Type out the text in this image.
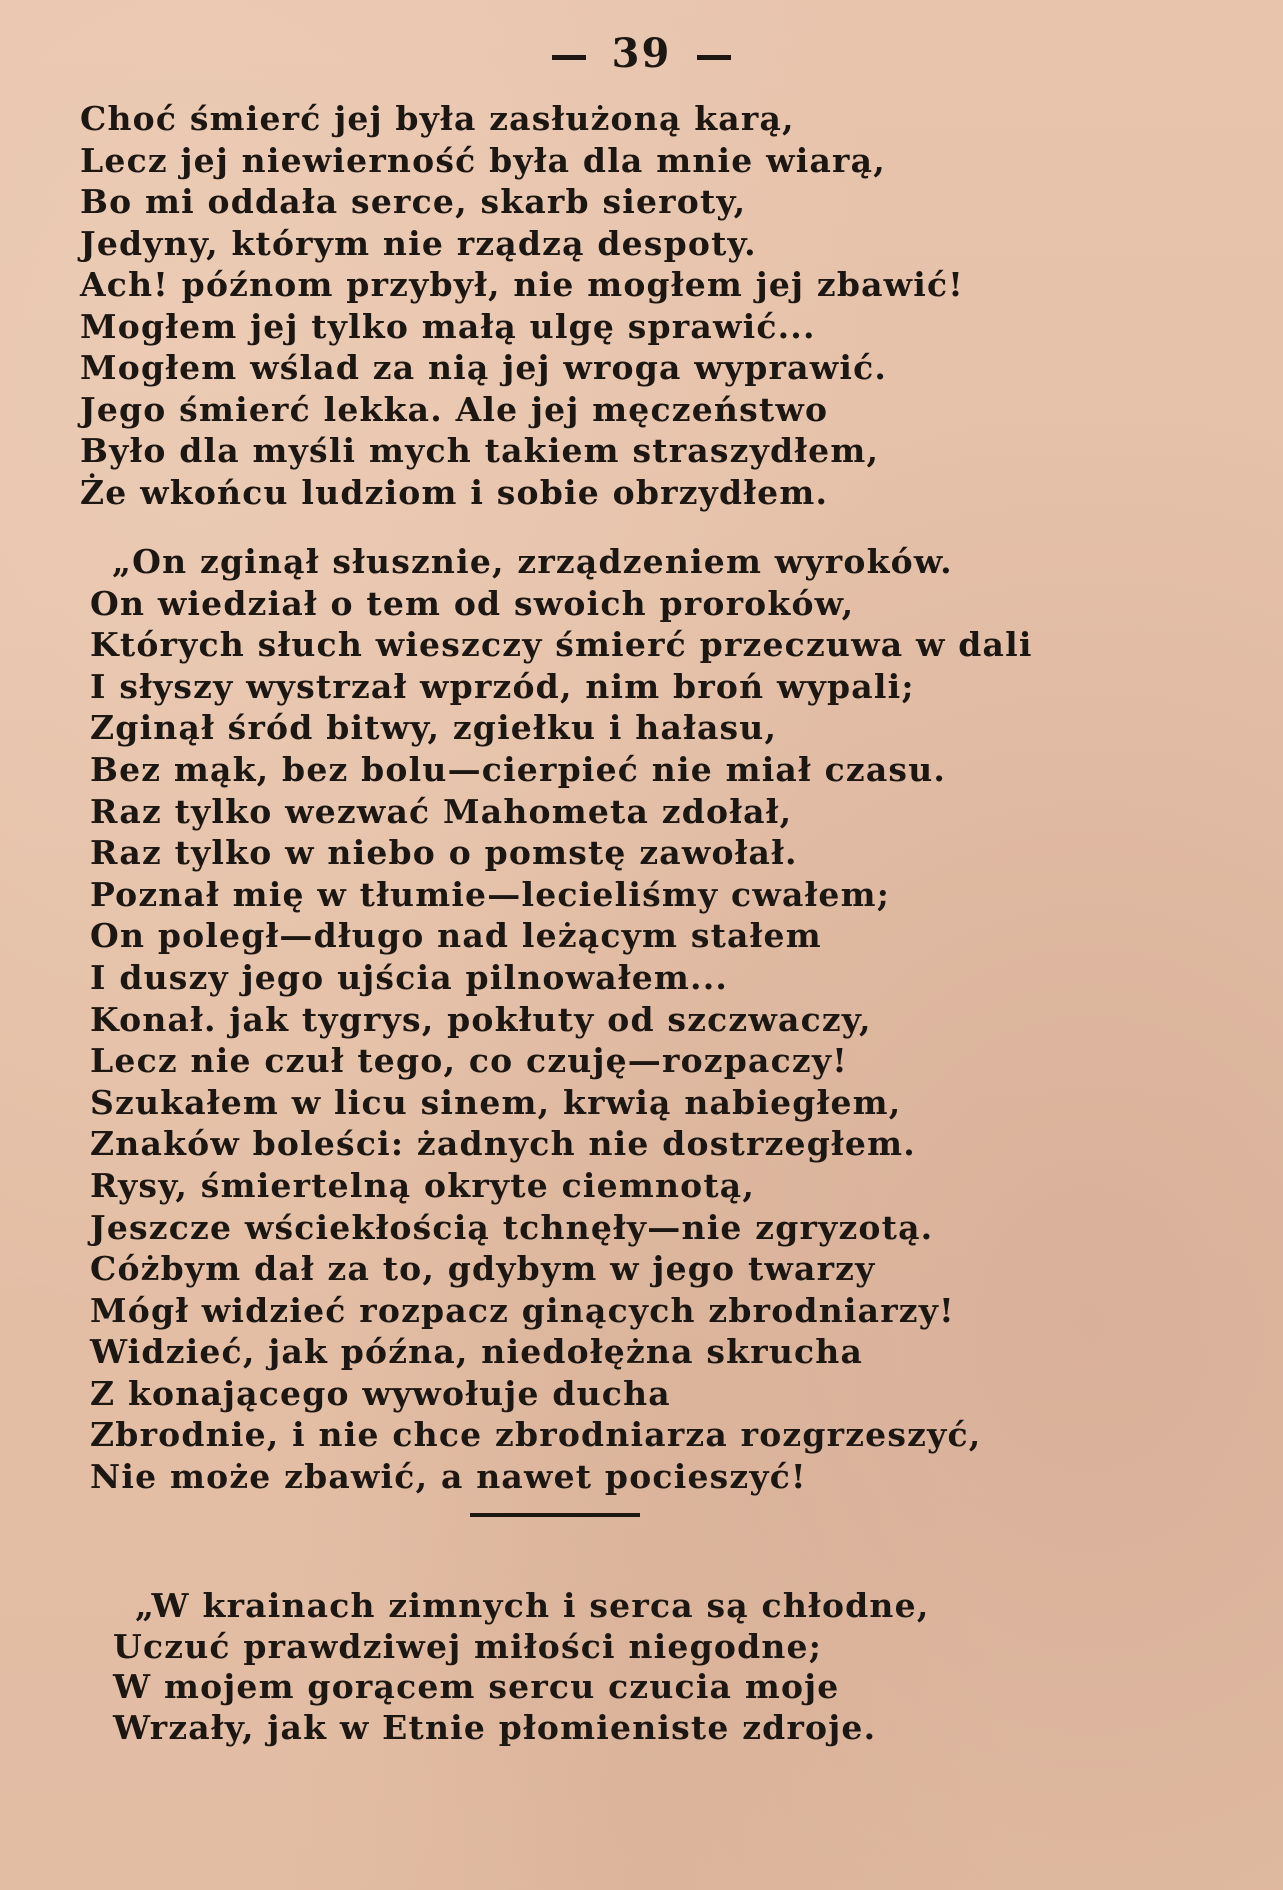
39
Choć śmierć jej była zasłużoną karą,
Lecz jej niewierność była dla mnie wiarą,
Bo mi oddała serce, skarb sieroty,
Jedyny, którym nie rządzą despoty.
Ach! późnom przybył, nie mogłem jej zbawić!
Mogłem jej tylko małą ulgę sprawić...
Mogłem wślad za nią jej wroga wyprawić.
Jego śmierć lekka. Ale jej męczeństwo
Było dla myśli mych takiem straszydłem,
Że wkońcu ludziom i sobie obrzydłem.
„On zginął słusznie, zrządzeniem wyroków.
On wiedział o tem od swoich proroków,
Których słuch wieszczy śmierć przeczuwa w dali
I słyszy wystrzał wprzód, nim broń wypali;
Zginął śród bitwy, zgiełku i hałasu,
Bez mąk, bez bolu—cierpieć nie miał czasu.
Raz tylko wezwać Mahometa zdołał,
Raz tylko w niebo o pomstę zawołał.
Poznał mię w tłumie—lecieliśmy cwałem;
On poległ—długo nad leżącym stałem
I duszy jego ujścia pilnowałem...
Konał. jak tygrys, pokłuty od szczwaczy,
Lecz nie czuł tego, co czuję—rozpaczy!
Szukałem w licu sinem, krwią nabiegłem,
Znaków boleści: żadnych nie dostrzegłem.
Rysy, śmiertelną okryte ciemnotą,
Jeszcze wściekłością tchnęły—nie zgryzotą.
Cóżbym dał za to, gdybym w jego twarzy
Mógł widzieć rozpacz ginących zbrodniarzy!
Widzieć, jak późna, niedołężna skrucha
Z konającego wywołuje ducha
Zbrodnie, i nie chce zbrodniarza rozgrzeszyć,
Nie może zbawić, a nawet pocieszyć!
„W krainach zimnych i serca są chłodne,
Uczuć prawdziwej miłości niegodne;
W mojem gorącem sercu czucia moje
Wrzały, jak w Etnie płomieniste zdroje.
